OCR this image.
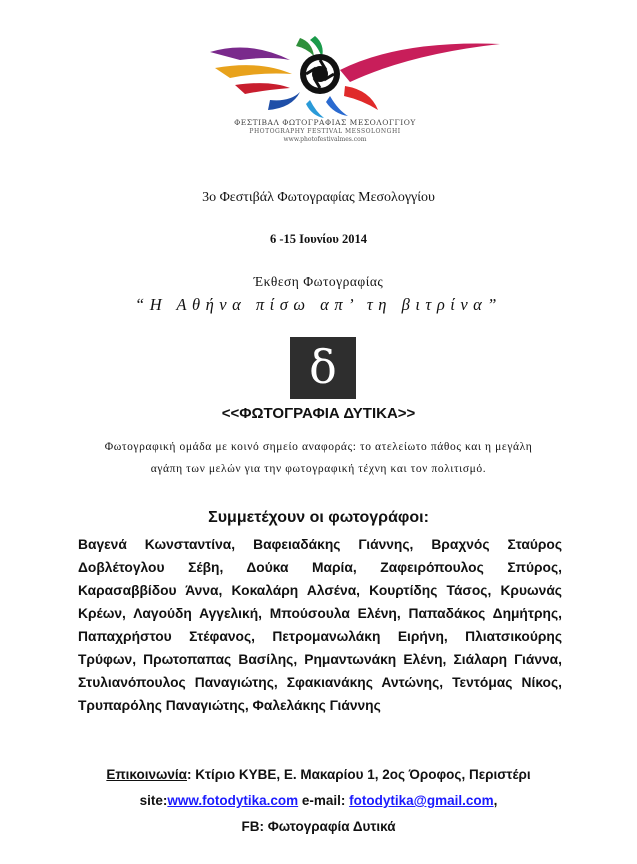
ΦΕΣΤΙΒΑΛ ΦΩΤΟΓΡΑΦΙΑΣ ΜΕΣΟΛΟΓΓΙΟΥ
PHOTOGRAPHY FESTIVAL MESSOLONGHI
www.photofestivalmes.com
3ο Φεστιβάλ Φωτογραφίας Μεσολογγίου
6 -15 Ιουνίου 2014
Έκθεση Φωτογραφίας
“Η Αθήνα πίσω απ’ τη βιτρίνα”
δ
<<ΦΩΤΟΓΡΑΦΙΑ ΔΥΤΙΚΑ>>
Φωτογραφική ομάδα με κοινό σημείο αναφοράς: το ατελείωτο πάθος και η μεγάλη
αγάπη των μελών για την φωτογραφική τέχνη και τον πολιτισμό.
Συμμετέχουν οι φωτογράφοι:
Βαγενά Κωνσταντίνα, Βαφειαδάκης Γιάννης, Βραχνός Σταύρος Δοβλέτογλου Σέβη, Δούκα Μαρία, Ζαφειρόπουλος Σπύρος, Καρασαββίδου Άννα, Κοκαλάρη Αλσένα, Κουρτίδης Τάσος, Κρυωνάς Κρέων, Λαγούδη Αγγελική, Μπούσουλα Ελένη, Παπαδάκος Δημήτρης, Παπαχρήστου Στέφανος, Πετρομανωλάκη Ειρήνη, Πλιατσικούρης Τρύφων, Πρωτοπαπας Βασίλης, Ρημαντωνάκη Ελένη, Σιάλαρη Γιάννα, Στυλιανόπουλος Παναγιώτης, Σφακιανάκης Αντώνης, Τεντόμας Νίκος, Τρυπαρόλης Παναγιώτης, Φαλελάκης Γιάννης
Επικοινωνία: Κτίριο ΚΥΒΕ, Ε. Μακαρίου 1, 2ος Όροφος, Περιστέρι
site:www.fotodytika.com e-mail: fotodytika@gmail.com,
FB: Φωτογραφία Δυτικά
